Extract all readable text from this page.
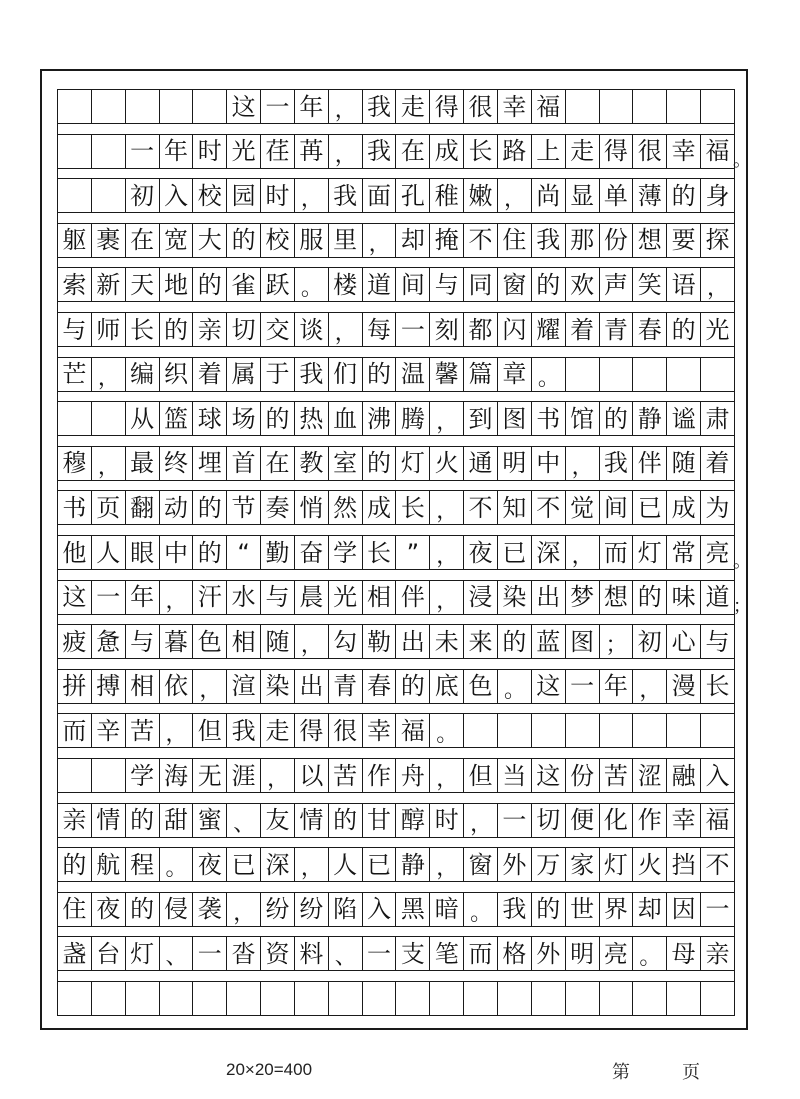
这 一 年 ， 我 走 得 很 幸 福
一 年 时 光 荏 苒 ， 我 在 成 长 路 上 走 得 很 幸 福 。
初 入 校 园 时 ， 我 面 孔 稚 嫩 ， 尚 显 单 薄 的 身
躯 裹 在 宽 大 的 校 服 里 ， 却 掩 不 住 我 那 份 想 要 探
索 新 天 地 的 雀 跃 。 楼 道 间 与 同 窗 的 欢 声 笑 语 ，
与 师 长 的 亲 切 交 谈 ， 每 一 刻 都 闪 耀 着 青 春 的 光
芒 ， 编 织 着 属 于 我 们 的 温 馨 篇 章 。
从 篮 球 场 的 热 血 沸 腾 ， 到 图 书 馆 的 静 谧 肃
穆 ， 最 终 埋 首 在 教 室 的 灯 火 通 明 中 ， 我 伴 随 着
书 页 翻 动 的 节 奏 悄 然 成 长 ， 不 知 不 觉 间 已 成 为
他 人 眼 中 的 “ 勤 奋 学 长 ” ， 夜 已 深 ， 而 灯 常 亮 。
这 一 年 ， 汗 水 与 晨 光 相 伴 ， 浸 染 出 梦 想 的 味 道 ；
疲 惫 与 暮 色 相 随 ， 勾 勒 出 未 来 的 蓝 图 ； 初 心 与
拼 搏 相 依 ， 渲 染 出 青 春 的 底 色 。 这 一 年 ， 漫 长
而 辛 苦 ， 但 我 走 得 很 幸 福 。
学 海 无 涯 ， 以 苦 作 舟 ， 但 当 这 份 苦 涩 融 入
亲 情 的 甜 蜜 、 友 情 的 甘 醇 时 ， 一 切 便 化 作 幸 福
的 航 程 。 夜 已 深 ， 人 已 静 ， 窗 外 万 家 灯 火 挡 不
住 夜 的 侵 袭 ， 纷 纷 陷 入 黑 暗 。 我 的 世 界 却 因 一
盏 台 灯 、 一 沓 资 料 、 一 支 笔 而 格 外 明 亮 。 母 亲
20×20=400	第	页
